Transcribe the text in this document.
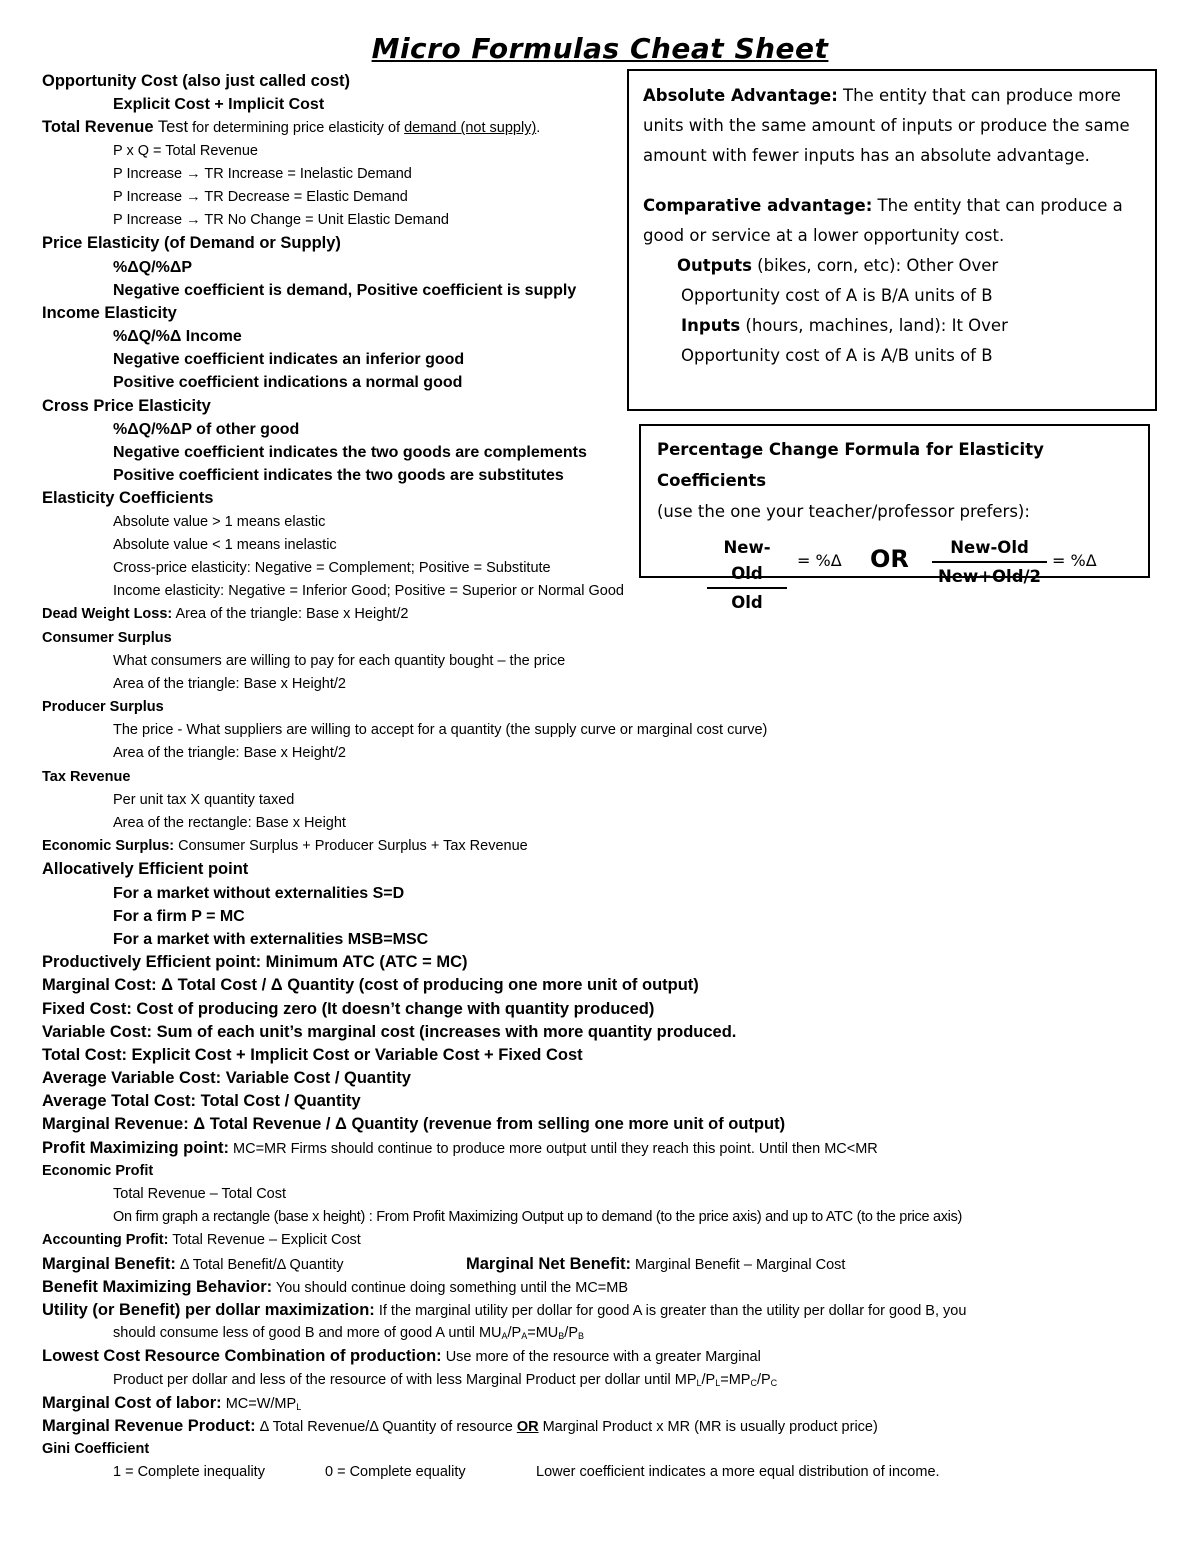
Micro Formulas Cheat Sheet
Opportunity Cost (also just called cost)
Explicit Cost + Implicit Cost
Total Revenue Test for determining price elasticity of demand (not supply).
P x Q = Total Revenue
P Increase → TR Increase = Inelastic Demand
P Increase → TR Decrease = Elastic Demand
P Increase → TR No Change = Unit Elastic Demand
Price Elasticity (of Demand or Supply)
%ΔQ/%ΔP
Negative coefficient is demand, Positive coefficient is supply
Income Elasticity
%ΔQ/%Δ Income
Negative coefficient indicates an inferior good
Positive coefficient indications a normal good
Cross Price Elasticity
%ΔQ/%ΔP of other good
Negative coefficient indicates the two goods are complements
Positive coefficient indicates the two goods are substitutes
Elasticity Coefficients
Absolute value > 1 means elastic
Absolute value < 1 means inelastic
Cross-price elasticity: Negative = Complement; Positive = Substitute
Income elasticity: Negative = Inferior Good; Positive = Superior or Normal Good
Dead Weight Loss: Area of the triangle: Base x Height/2
Consumer Surplus
What consumers are willing to pay for each quantity bought – the price
Area of the triangle: Base x Height/2
Producer Surplus
The price - What suppliers are willing to accept for a quantity (the supply curve or marginal cost curve)
Area of the triangle: Base x Height/2
Tax Revenue
Per unit tax X quantity taxed
Area of the rectangle: Base x Height
Economic Surplus: Consumer Surplus + Producer Surplus + Tax Revenue
Allocatively Efficient point
For a market without externalities S=D
For a firm P = MC
For a market with externalities MSB=MSC
Productively Efficient point: Minimum ATC (ATC = MC)
Marginal Cost: Δ Total Cost / Δ Quantity (cost of producing one more unit of output)
Fixed Cost: Cost of producing zero (It doesn’t change with quantity produced)
Variable Cost: Sum of each unit’s marginal cost (increases with more quantity produced.
Total Cost: Explicit Cost + Implicit Cost or Variable Cost + Fixed Cost
Average Variable Cost: Variable Cost / Quantity
Average Total Cost: Total Cost / Quantity
Marginal Revenue: Δ Total Revenue / Δ Quantity (revenue from selling one more unit of output)
Profit Maximizing point: MC=MR Firms should continue to produce more output until they reach this point. Until then MC<MR
Economic Profit
Total Revenue – Total Cost
On firm graph a rectangle (base x height) : From Profit Maximizing Output up to demand (to the price axis) and up to ATC (to the price axis)
Accounting Profit: Total Revenue – Explicit Cost
Marginal Benefit: Δ Total Benefit/Δ Quantity	Marginal Net Benefit: Marginal Benefit – Marginal Cost
Benefit Maximizing Behavior: You should continue doing something until the MC=MB
Utility (or Benefit) per dollar maximization: If the marginal utility per dollar for good A is greater than the utility per dollar for good B, you
should consume less of good B and more of good A until $MU_A/P_A=MU_B/P_B$
Lowest Cost Resource Combination of production: Use more of the resource with a greater Marginal
Product per dollar and less of the resource of with less Marginal Product per dollar until $MP_L/P_L=MP_C/P_C$
Marginal Cost of labor: $MC=W/MP_L$
Marginal Revenue Product: Δ Total Revenue/Δ Quantity of resource OR Marginal Product x MR (MR is usually product price)
Gini Coefficient
1 = Complete inequality	0 = Complete equality	Lower coefficient indicates a more equal distribution of income.

Absolute Advantage: The entity that can produce more units with the same amount of inputs or produce the same amount with fewer inputs has an absolute advantage.

Comparative advantage: The entity that can produce a good or service at a lower opportunity cost.

Outputs (bikes, corn, etc): Other Over

Opportunity cost of A is B/A units of B

Inputs (hours, machines, land): It Over

Opportunity cost of A is A/B units of B

Percentage Change Formula for Elasticity Coefficients

(use the one your teacher/professor prefers):

New-Old
Old
= %Δ OR	New-Old
New+Old/2
= %Δ
